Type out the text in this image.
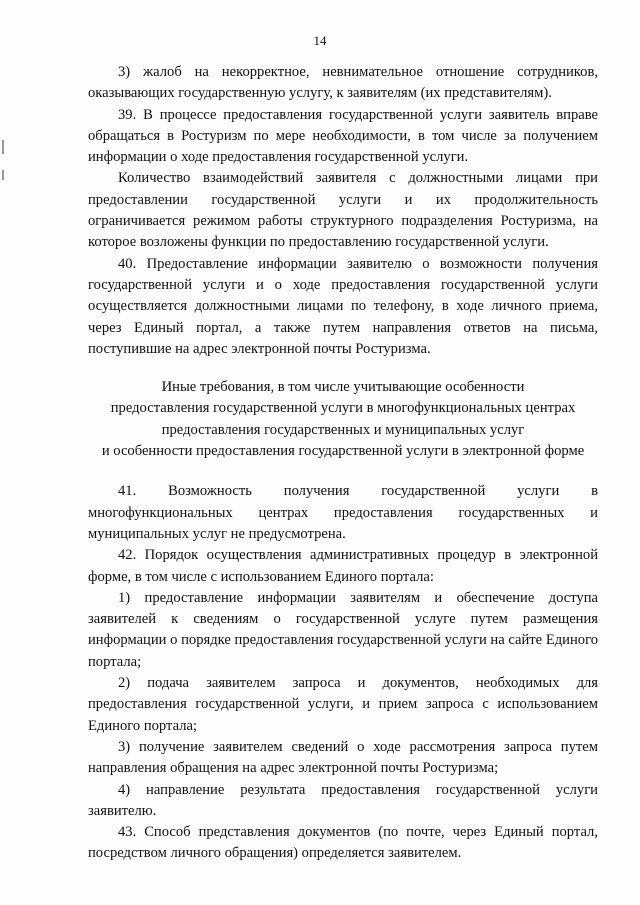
14

3) жалоб на некорректное, невнимательное отношение сотрудников, оказывающих государственную услугу, к заявителям (их представителям).

39. В процессе предоставления государственной услуги заявитель вправе обращаться в Ростуризм по мере необходимости, в том числе за получением информации о ходе предоставления государственной услуги.

Количество взаимодействий заявителя с должностными лицами при предоставлении государственной услуги и их продолжительность ограничивается режимом работы структурного подразделения Ростуризма, на которое возложены функции по предоставлению государственной услуги.

40. Предоставление информации заявителю о возможности получения государственной услуги и о ходе предоставления государственной услуги осуществляется должностными лицами по телефону, в ходе личного приема, через Единый портал, а также путем направления ответов на письма, поступившие на адрес электронной почты Ростуризма.

Иные требования, в том числе учитывающие особенности
предоставления государственной услуги в многофункциональных центрах
предоставления государственных и муниципальных услуг
и особенности предоставления государственной услуги в электронной форме

41. Возможность получения государственной услуги в многофункциональных центрах предоставления государственных и муниципальных услуг не предусмотрена.

42. Порядок осуществления административных процедур в электронной форме, в том числе с использованием Единого портала:

1) предоставление информации заявителям и обеспечение доступа заявителей к сведениям о государственной услуге путем размещения информации о порядке предоставления государственной услуги на сайте Единого портала;

2) подача заявителем запроса и документов, необходимых для предоставления государственной услуги, и прием запроса с использованием Единого портала;

3) получение заявителем сведений о ходе рассмотрения запроса путем направления обращения на адрес электронной почты Ростуризма;

4) направление результата предоставления государственной услуги заявителю.

43. Способ представления документов (по почте, через Единый портал, посредством личного обращения) определяется заявителем.
